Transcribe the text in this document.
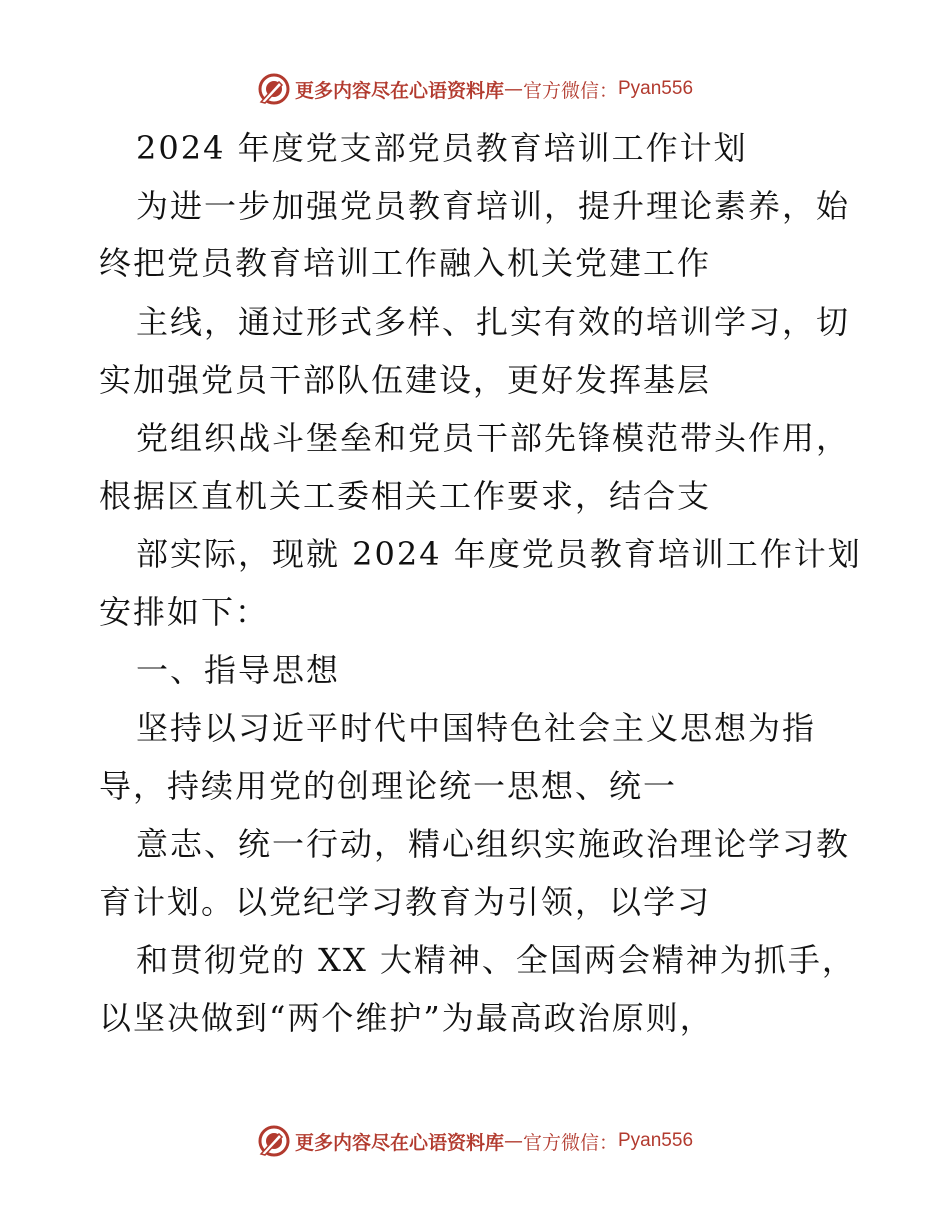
更多内容尽在心语资料库 — 官方微信： Pyan556
2024 年度党支部党员教育培训工作计划
为进一步加强党员教育培训，提升理论素养，始
终把党员教育培训工作融入机关党建工作
主线，通过形式多样、扎实有效的培训学习，切
实加强党员干部队伍建设，更好发挥基层
党组织战斗堡垒和党员干部先锋模范带头作用，
根据区直机关工委相关工作要求，结合支
部实际，现就 2024 年度党员教育培训工作计划
安排如下：
一、指导思想
坚持以习近平时代中国特色社会主义思想为指
导，持续用党的创理论统一思想、统一
意志、统一行动，精心组织实施政治理论学习教
育计划。以党纪学习教育为引领，以学习
和贯彻党的 XX 大精神、全国两会精神为抓手，
以坚决做到“两个维护”为最高政治原则，
更多内容尽在心语资料库 — 官方微信： Pyan556
